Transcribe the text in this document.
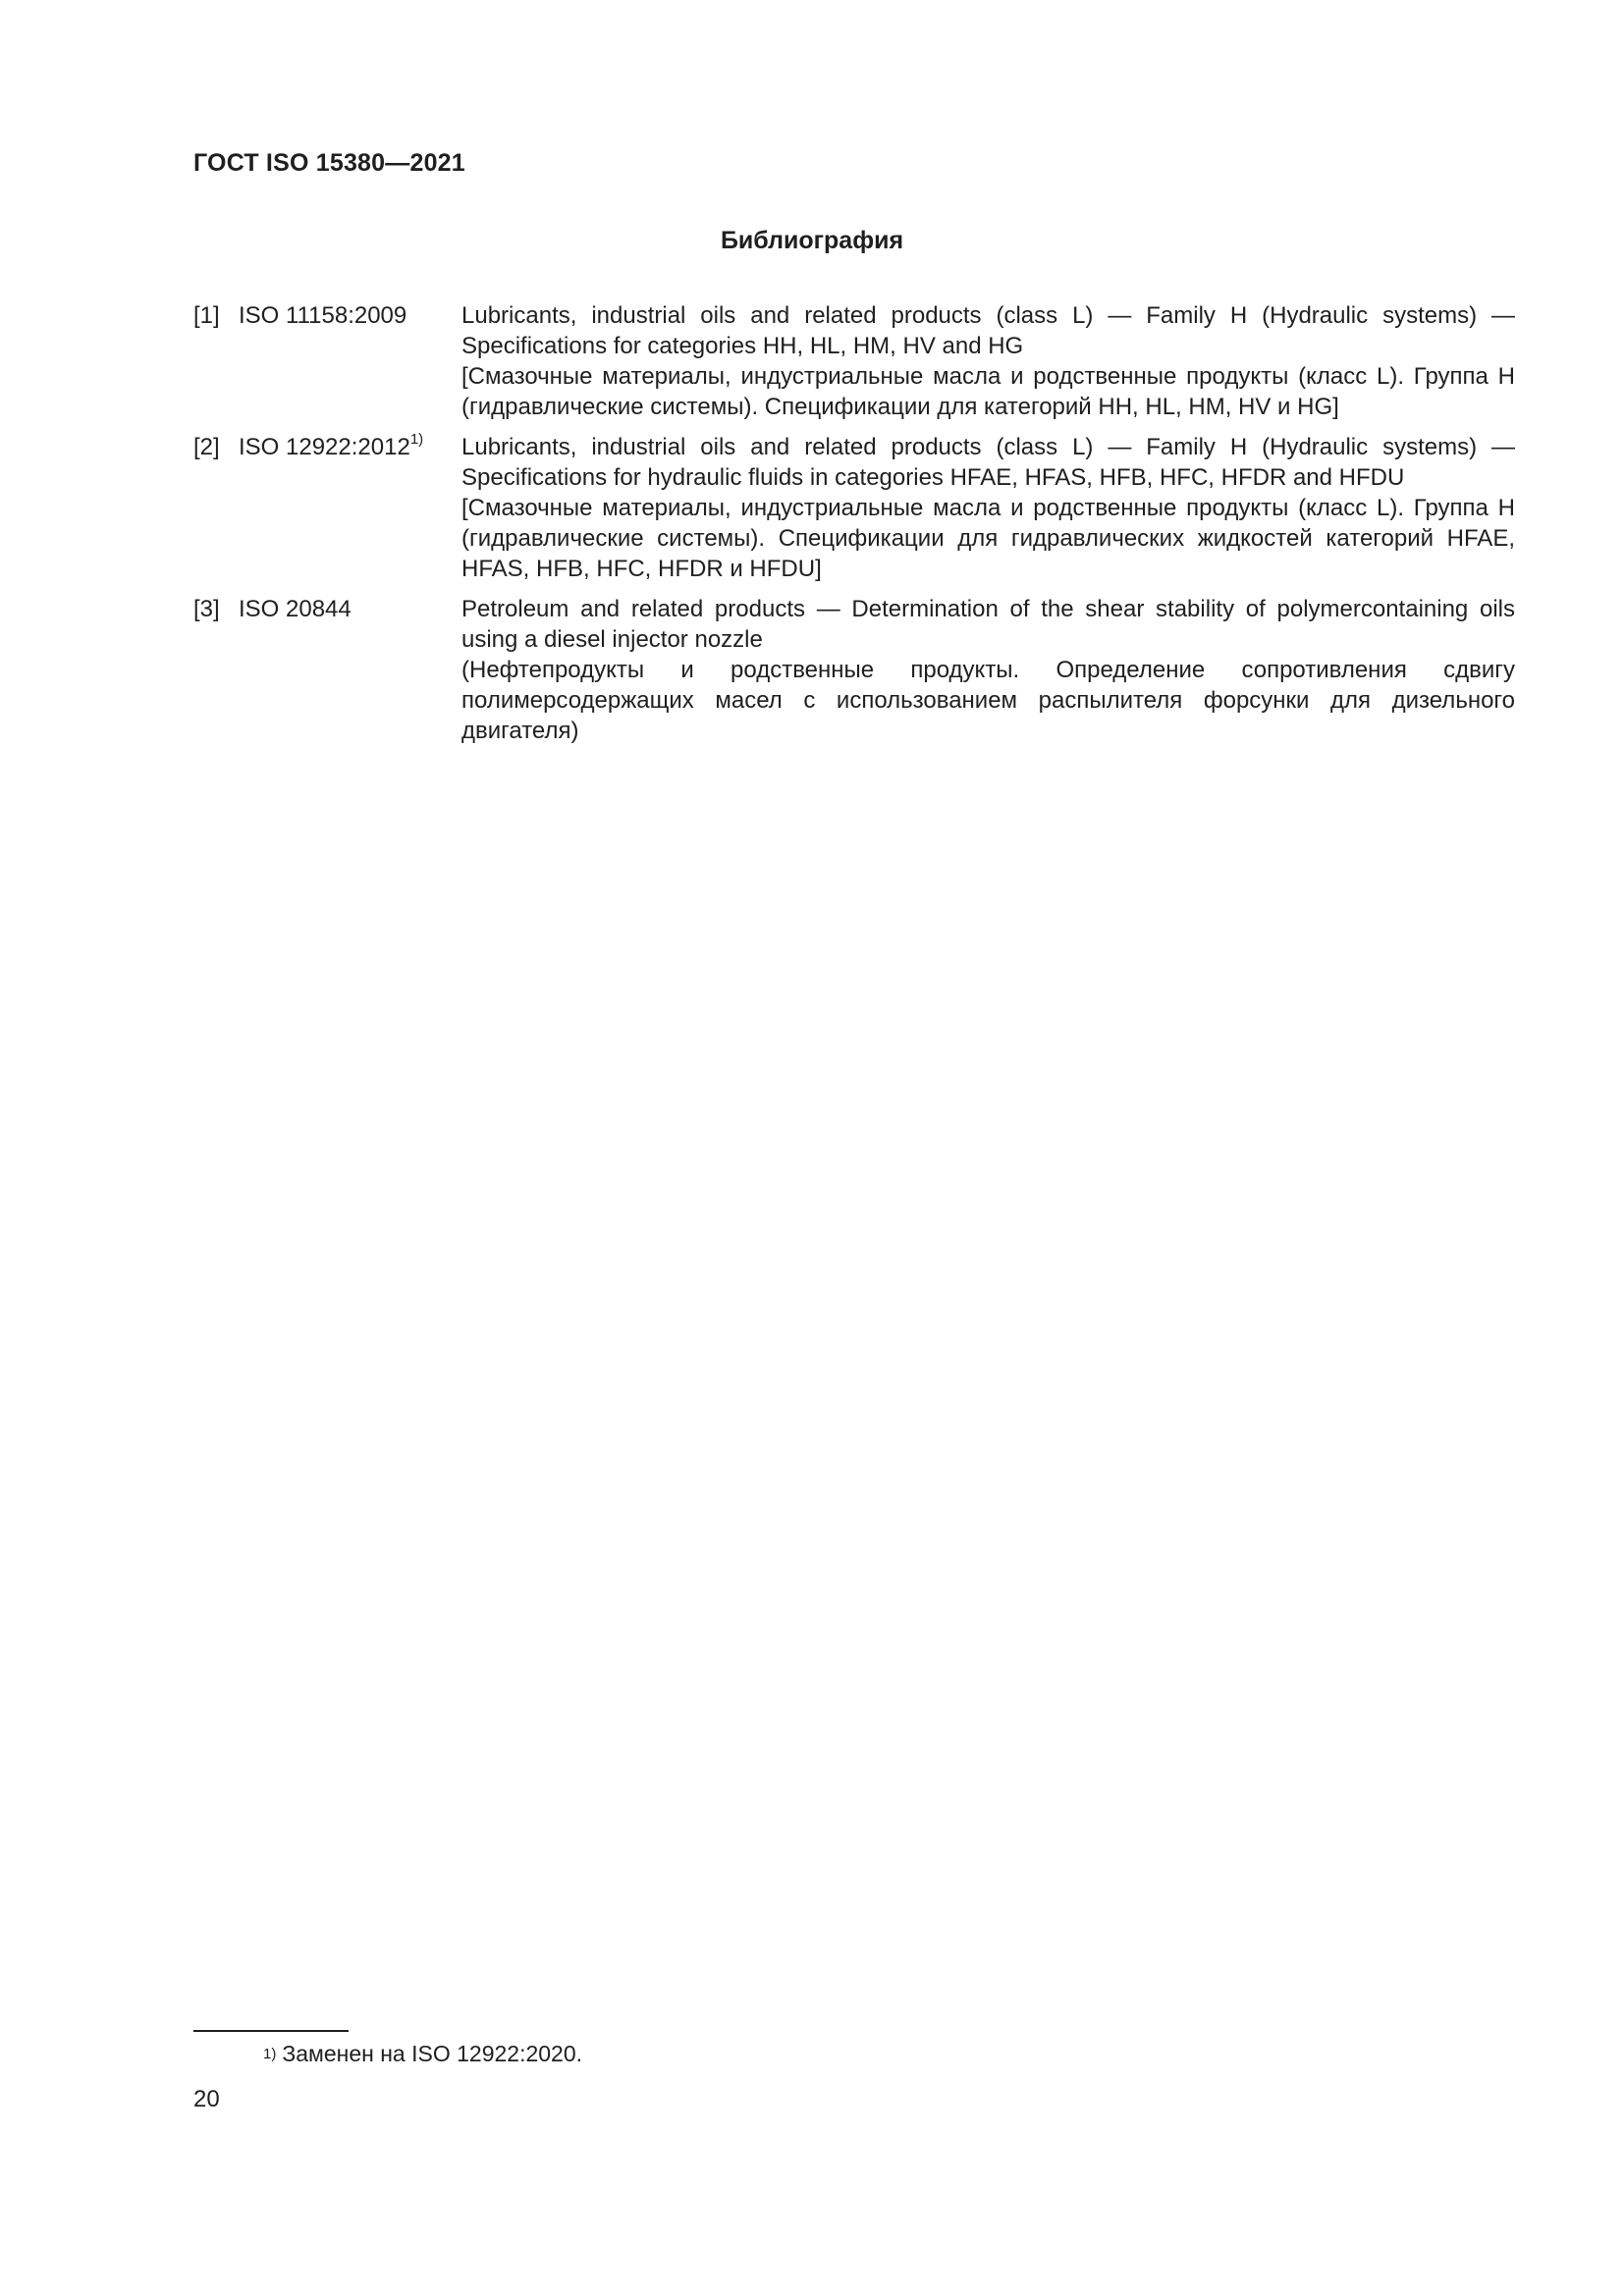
ГОСТ ISO 15380—2021
Библиография
[1] ISO 11158:2009	Lubricants, industrial oils and related products (class L) — Family H (Hydraulic systems) — Specifications for categories HH, HL, HM, HV and HG
[Смазочные материалы, индустриальные масла и родственные продукты (класс L). Группа H (гидравлические системы). Спецификации для категорий HH, HL, HM, HV и HG]
[2] ISO 12922:2012$^{1)}$	Lubricants, industrial oils and related products (class L) — Family H (Hydraulic systems) — Specifications for hydraulic fluids in categories HFAE, HFAS, HFB, HFC, HFDR and HFDU
[Смазочные материалы, индустриальные масла и родственные продукты (класс L). Группа H (гидравлические системы). Спецификации для гидравлических жидкостей категорий HFAE, HFAS, HFB, HFC, HFDR и HFDU]
[3] ISO 20844	Petroleum and related products — Determination of the shear stability of polymercontaining oils using a diesel injector nozzle
(Нефтепродукты и родственные продукты. Определение сопротивления сдвигу полимерсодержащих масел с использованием распылителя форсунки для дизельного двигателя)
$^{1)}$ Заменен на ISO 12922:2020.
20
